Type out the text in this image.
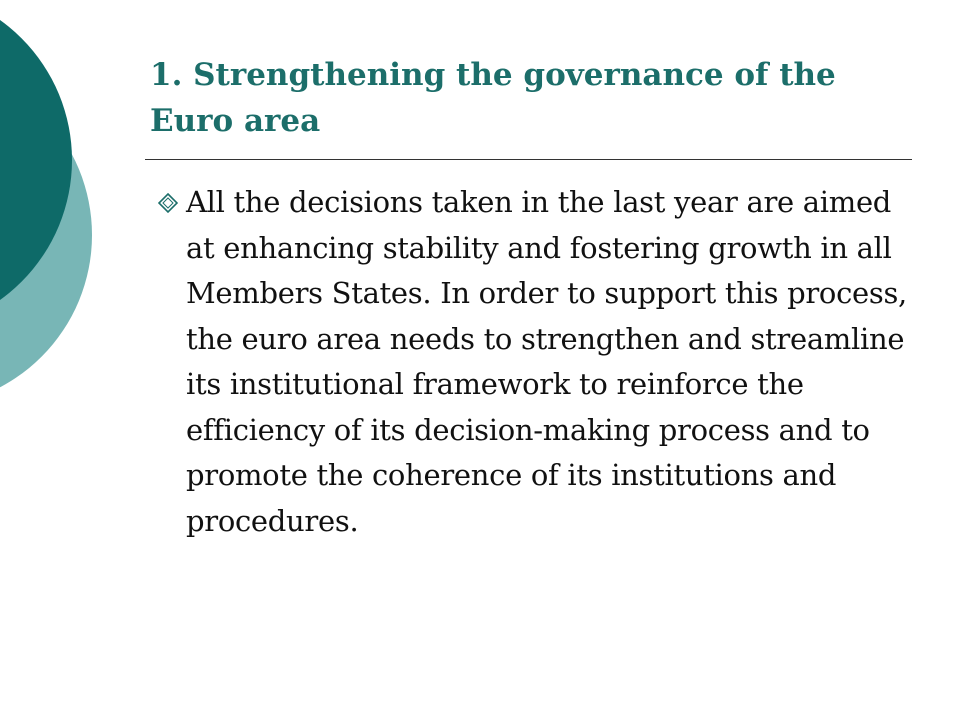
1. Strengthening the governance of the Euro area
All the decisions taken in the last year are aimed at enhancing stability and fostering growth in all Members States. In order to support this process, the euro area needs to strengthen and streamline its institutional framework to reinforce the efficiency of its decision-making process and to promote the coherence of its institutions and procedures.
